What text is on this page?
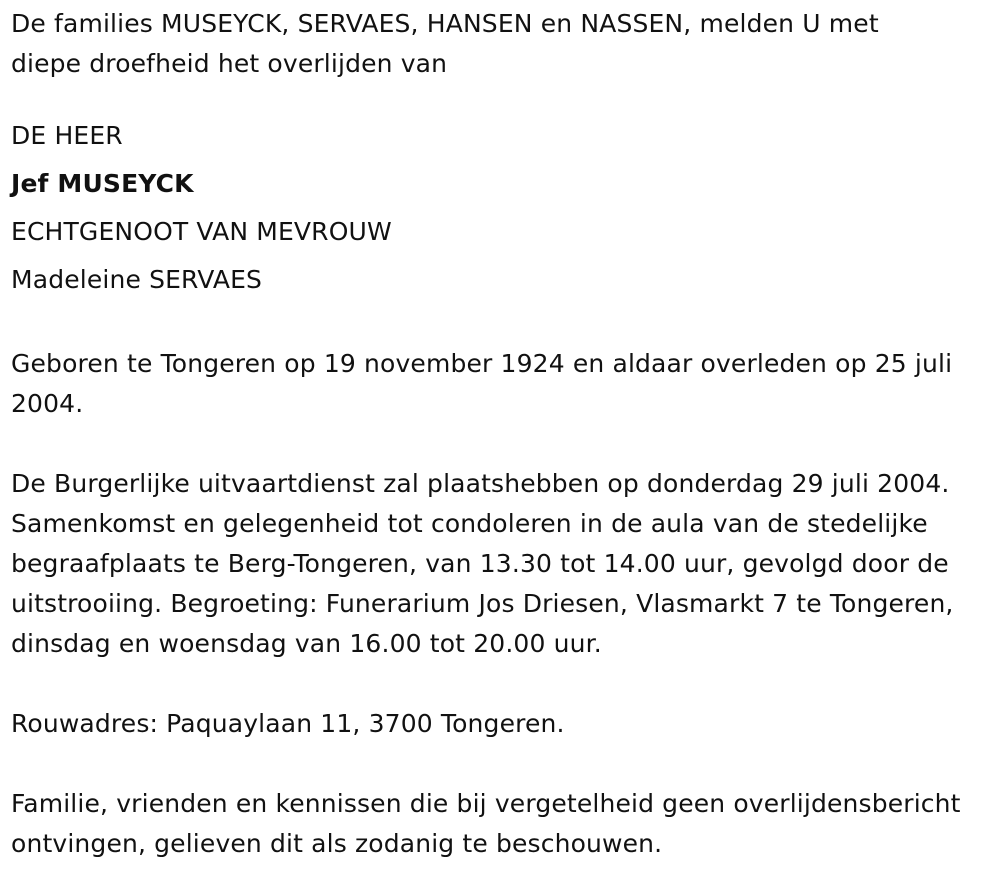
De families MUSEYCK, SERVAES, HANSEN en NASSEN, melden U met diepe droefheid het overlijden van

DE HEER

Jef MUSEYCK

ECHTGENOOT VAN MEVROUW

Madeleine SERVAES

Geboren te Tongeren op 19 november 1924 en aldaar overleden op 25 juli 2004.

De Burgerlijke uitvaartdienst zal plaatshebben op donderdag 29 juli 2004. Samenkomst en gelegenheid tot condoleren in de aula van de stedelijke begraafplaats te Berg-Tongeren, van 13.30 tot 14.00 uur, gevolgd door de uitstrooiing. Begroeting: Funerarium Jos Driesen, Vlasmarkt 7 te Tongeren, dinsdag en woensdag van 16.00 tot 20.00 uur.

Rouwadres: Paquaylaan 11, 3700 Tongeren.

Familie, vrienden en kennissen die bij vergetelheid geen overlijdensbericht ontvingen, gelieven dit als zodanig te beschouwen.
